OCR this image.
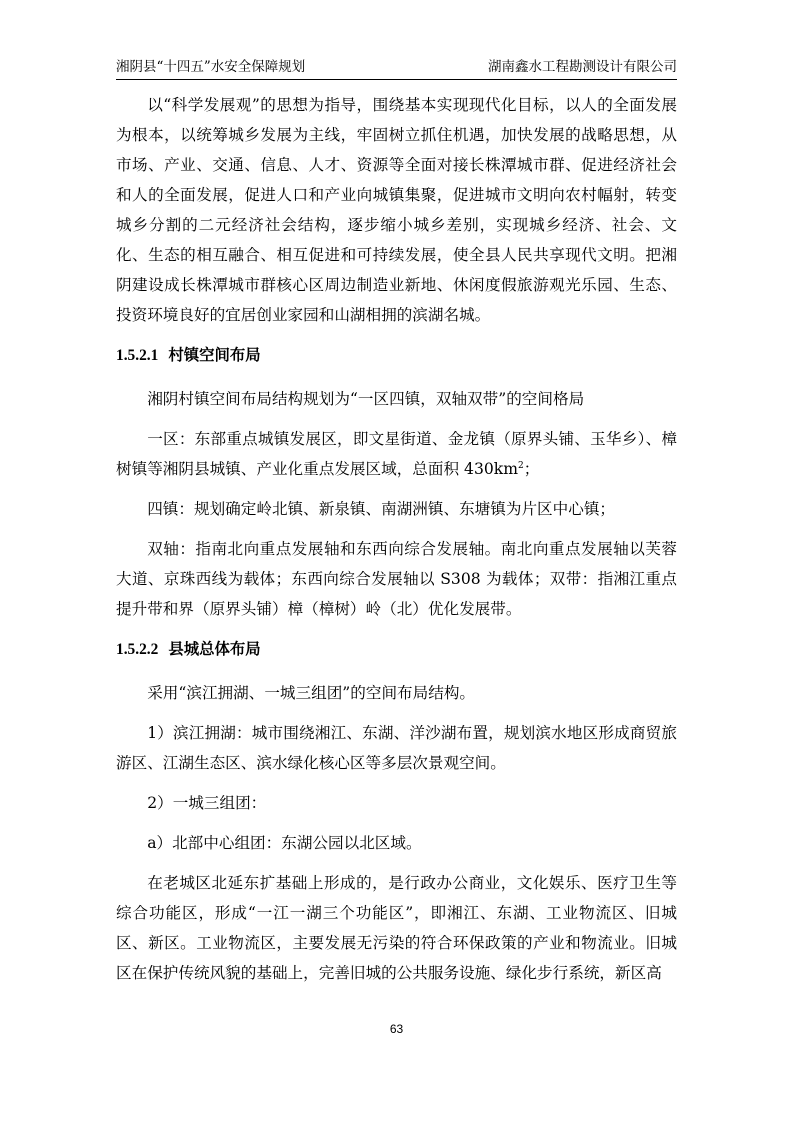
湘阴县“十四五”水安全保障规划	湖南鑫水工程勘测设计有限公司

以“科学发展观”的思想为指导，围绕基本实现现代化目标，以人的全面发展为根本，以统筹城乡发展为主线，牢固树立抓住机遇，加快发展的战略思想，从市场、产业、交通、信息、人才、资源等全面对接长株潭城市群、促进经济社会和人的全面发展，促进人口和产业向城镇集聚，促进城市文明向农村幅射，转变城乡分割的二元经济社会结构，逐步缩小城乡差别，实现城乡经济、社会、文化、生态的相互融合、相互促进和可持续发展，使全县人民共享现代文明。把湘阴建设成长株潭城市群核心区周边制造业新地、休闲度假旅游观光乐园、生态、投资环境良好的宜居创业家园和山湖相拥的滨湖名城。

1.5.2.1 村镇空间布局

湘阴村镇空间布局结构规划为“一区四镇，双轴双带”的空间格局

一区：东部重点城镇发展区，即文星街道、金龙镇（原界头铺、玉华乡）、樟树镇等湘阴县城镇、产业化重点发展区域，总面积 $430km^2$；

四镇：规划确定岭北镇、新泉镇、南湖洲镇、东塘镇为片区中心镇；

双轴：指南北向重点发展轴和东西向综合发展轴。南北向重点发展轴以芙蓉大道、京珠西线为载体；东西向综合发展轴以 S308 为载体；双带：指湘江重点提升带和界（原界头铺）樟（樟树）岭（北）优化发展带。

1.5.2.2 县城总体布局

采用“滨江拥湖、一城三组团”的空间布局结构。

1）滨江拥湖：城市围绕湘江、东湖、洋沙湖布置，规划滨水地区形成商贸旅游区、江湖生态区、滨水绿化核心区等多层次景观空间。

2）一城三组团：

a）北部中心组团：东湖公园以北区域。

在老城区北延东扩基础上形成的，是行政办公商业，文化娱乐、医疗卫生等综合功能区，形成“一江一湖三个功能区”，即湘江、东湖、工业物流区、旧城区、新区。工业物流区，主要发展无污染的符合环保政策的产业和物流业。旧城区在保护传统风貌的基础上，完善旧城的公共服务设施、绿化步行系统，新区高

63
